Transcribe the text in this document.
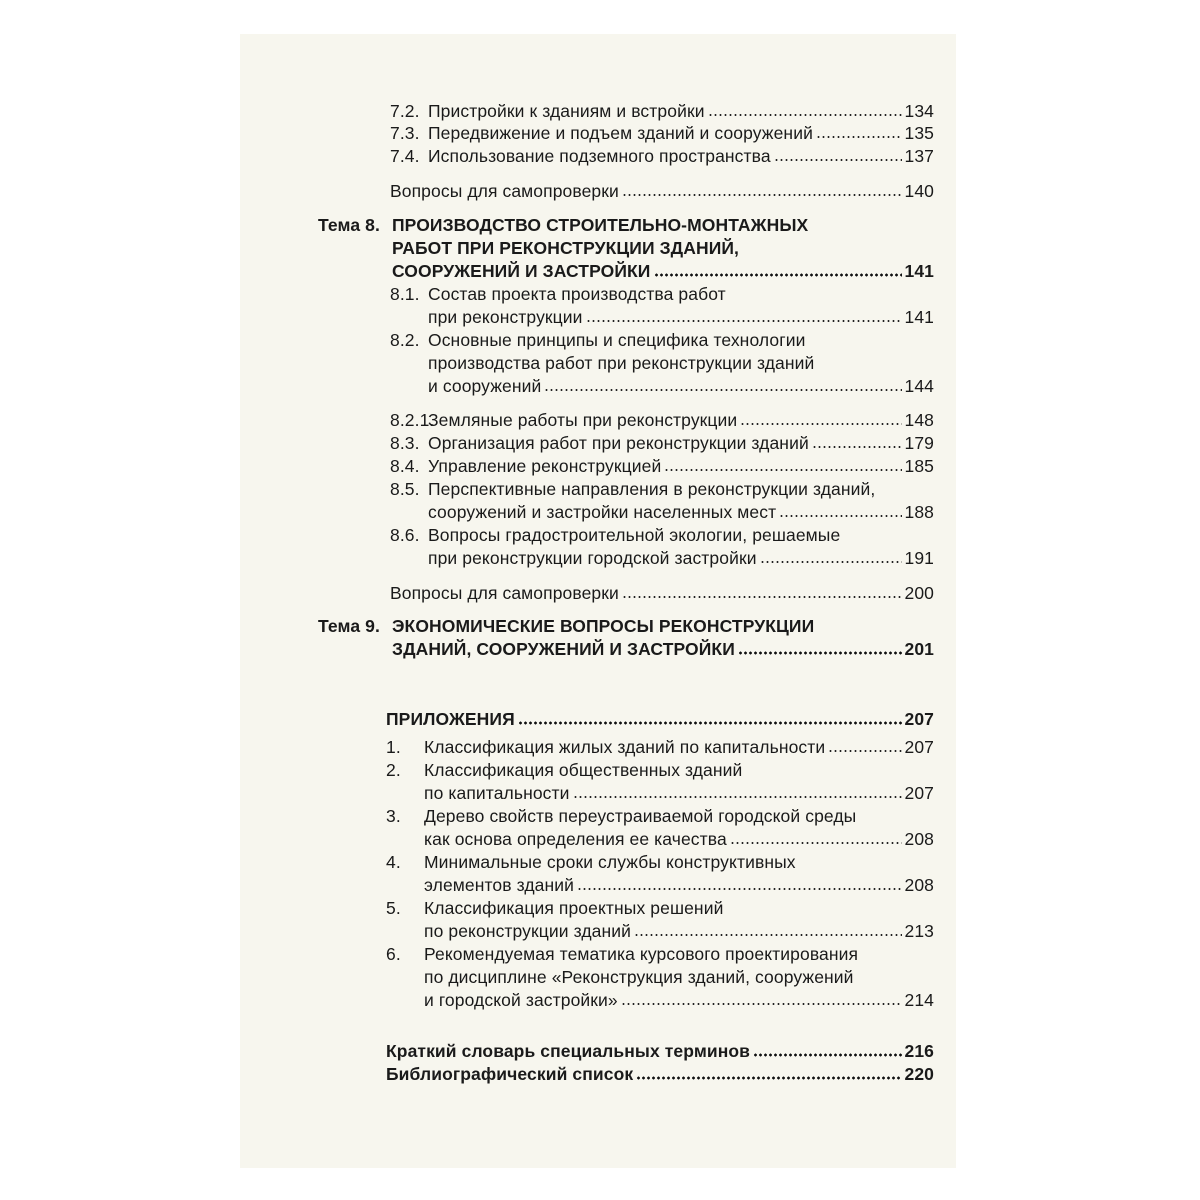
7.2. Пристройки к зданиям и встройки	134
7.3. Передвижение и подъем зданий и сооружений	135
7.4. Использование подземного пространства	137
Вопросы для самопроверки	140
Тема 8. ПРОИЗВОДСТВО СТРОИТЕЛЬНО-МОНТАЖНЫХ
РАБОТ ПРИ РЕКОНСТРУКЦИИ ЗДАНИЙ,
СООРУЖЕНИЙ И ЗАСТРОЙКИ	141
8.1. Состав проекта производства работ
при реконструкции	141
8.2. Основные принципы и специфика технологии
производства работ при реконструкции зданий
и сооружений	144
8.2.1.
Земляные работы при реконструкции	148
8.3. Организация работ при реконструкции зданий	179
8.4. Управление реконструкцией	185
8.5. Перспективные направления в реконструкции зданий,
сооружений и застройки населенных мест	188
8.6. Вопросы градостроительной экологии, решаемые
при реконструкции городской застройки	191
Вопросы для самопроверки	200
Тема 9. ЭКОНОМИЧЕСКИЕ ВОПРОСЫ РЕКОНСТРУКЦИИ
ЗДАНИЙ, СООРУЖЕНИЙ И ЗАСТРОЙКИ	201
ПРИЛОЖЕНИЯ	207
1. Классификация жилых зданий по капитальности	207
2. Классификация общественных зданий
по капитальности	207
3. Дерево свойств переустраиваемой городской среды
как основа определения ее качества	208
4. Минимальные сроки службы конструктивных
элементов зданий	208
5. Классификация проектных решений
по реконструкции зданий	213
6. Рекомендуемая тематика курсового проектирования
по дисциплине «Реконструкция зданий, сооружений
и городской застройки»	214
Краткий словарь специальных терминов	216
Библиографический список	220
